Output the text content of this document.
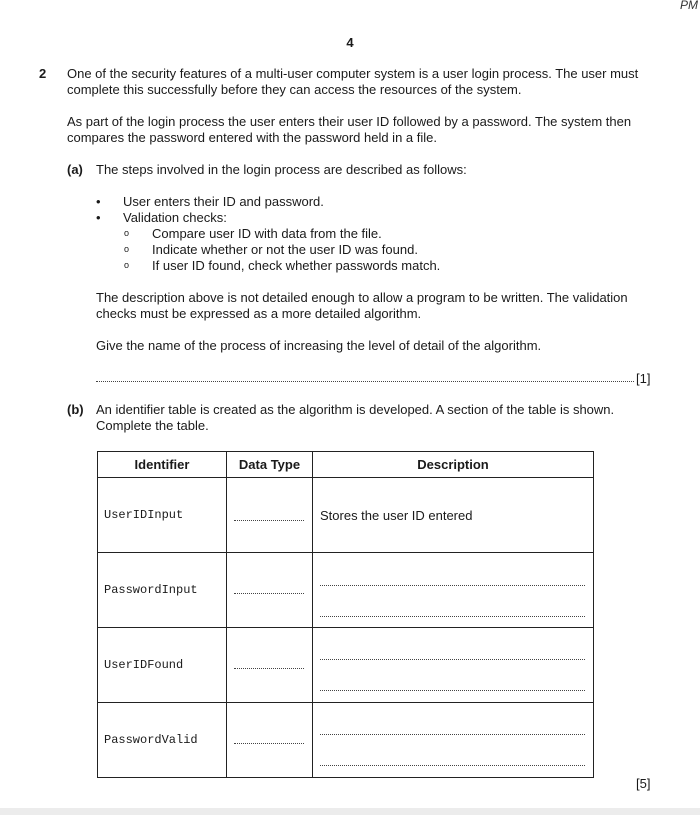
PM
4
2 One of the security features of a multi-user computer system is a user login process. The user must complete this successfully before they can access the resources of the system.

As part of the login process the user enters their user ID followed by a password. The system then compares the password entered with the password held in a file.

(a) The steps involved in the login process are described as follows:

• User enters their ID and password.
• Validation checks:
o Compare user ID with data from the file.
o Indicate whether or not the user ID was found.
o If user ID found, check whether passwords match.

The description above is not detailed enough to allow a program to be written. The validation checks must be expressed as a more detailed algorithm.

Give the name of the process of increasing the level of detail of the algorithm.

[1]
(b) An identifier table is created as the algorithm is developed. A section of the table is shown. Complete the table.

Identifier	Data Type	Description
UserIDInput		Stores the user ID entered
PasswordInput	

UserIDFound	

PasswordValid	

[5]
